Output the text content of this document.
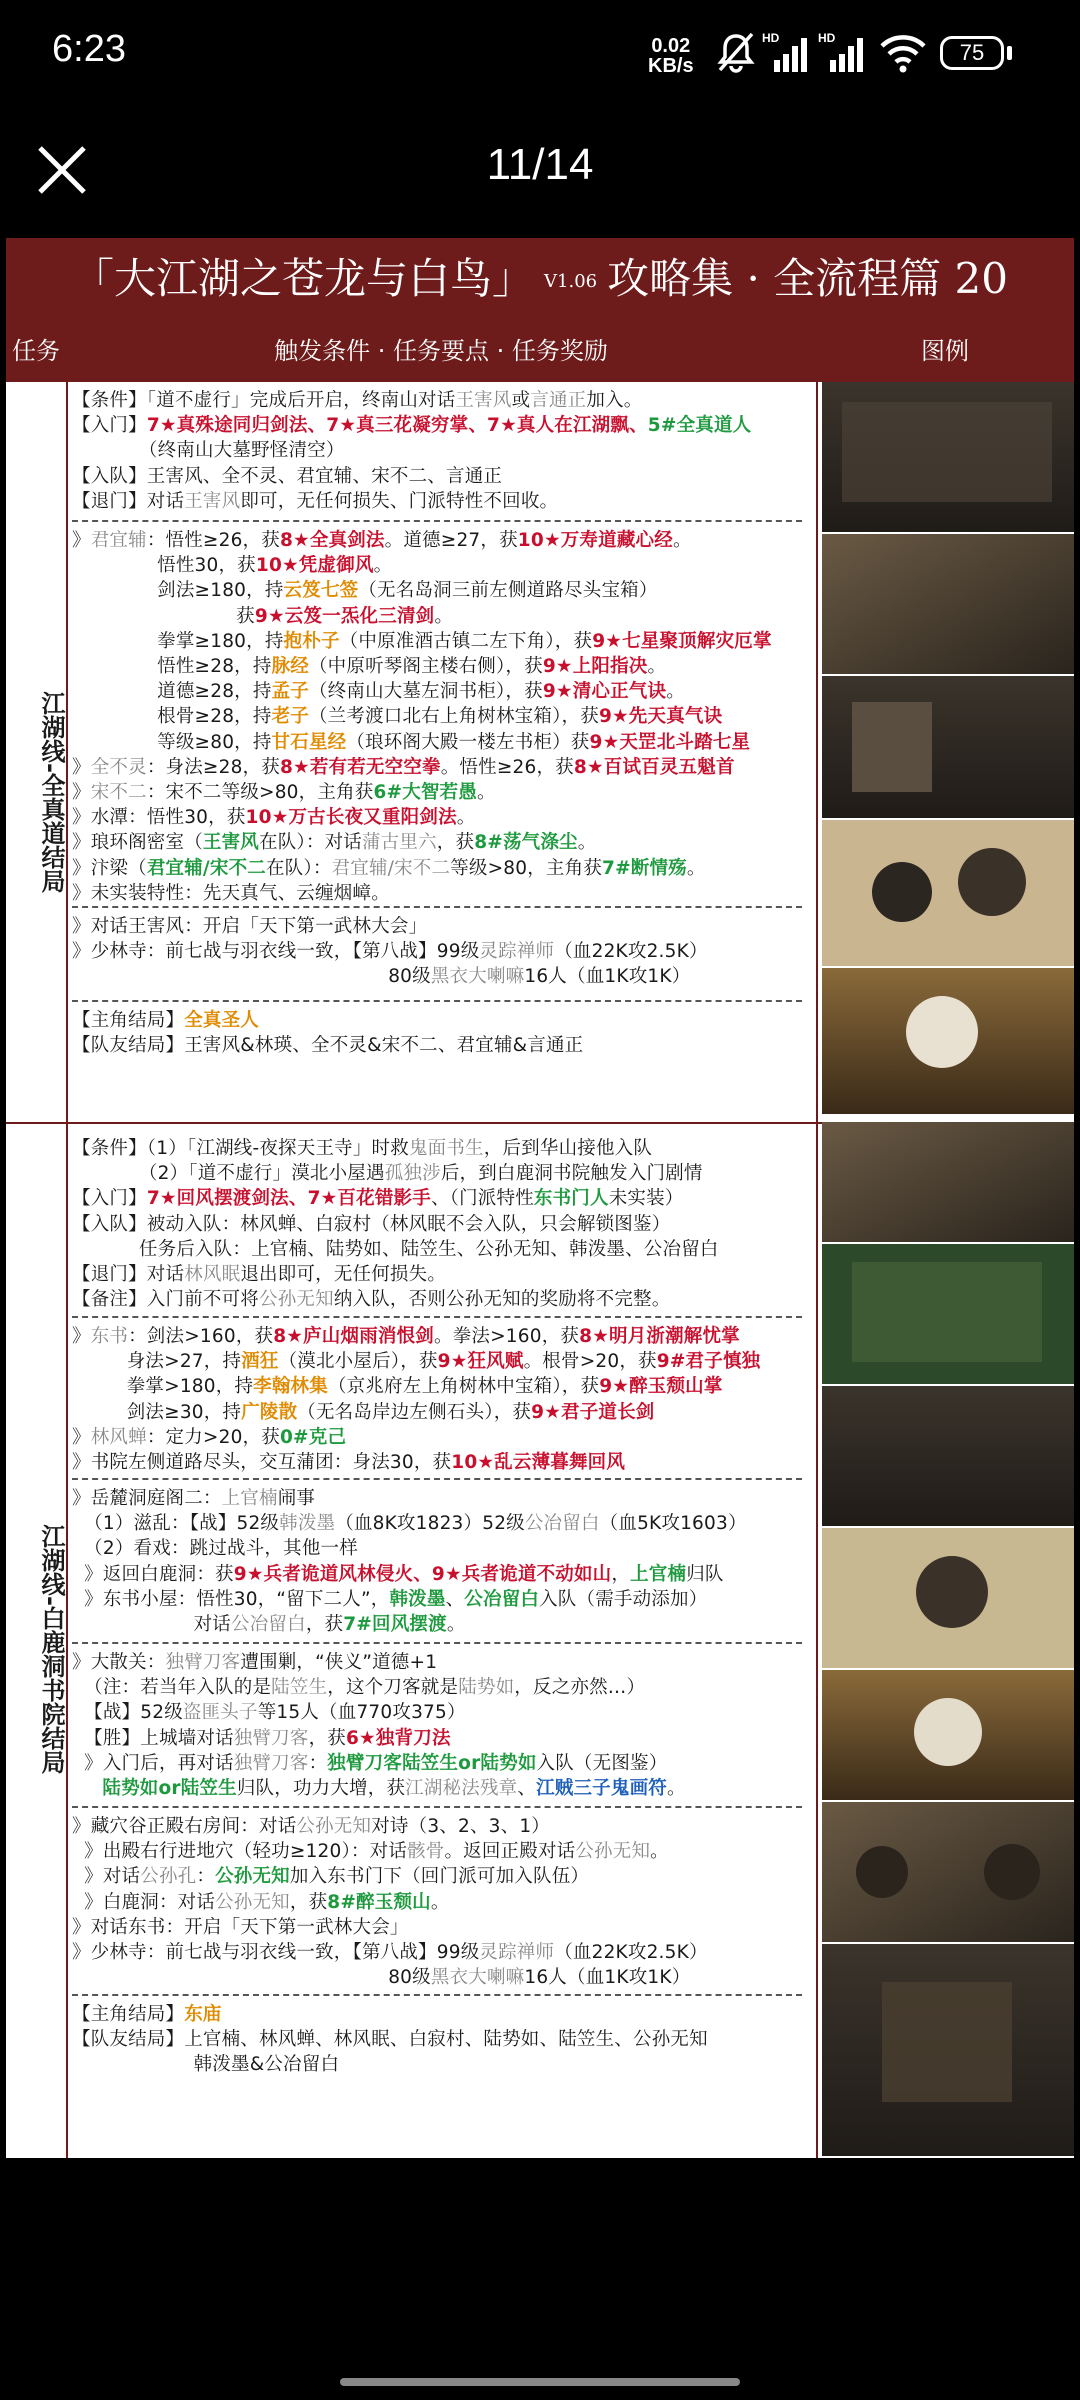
6:23	0.02
KB/s
HD	HD
75
11/14
「大江湖之苍龙与白鸟」 V1.06 攻略集 · 全流程篇 20
任务	触发条件 · 任务要点 · 任务奖励	图例
江湖线-全真道结局
江湖线-白鹿洞书院结局
【条件】「道不虚行」完成后开启，终南山对话王害风或言通正加入。
【入门】7★真殊途同归剑法、7★真三花凝穷掌、7★真人在江湖飘、5#全真道人
（终南山大墓野怪清空）
【入队】王害风、全不灵、君宜辅、宋不二、言通正
【退门】对话王害风即可，无任何损失、门派特性不回收。
》君宜辅：悟性≥26，获8★全真剑法。道德≥27，获10★万寿道藏心经。
悟性30，获10★凭虚御风。
剑法≥180，持云笈七签（无名岛洞三前左侧道路尽头宝箱）
获9★云笈一炁化三清剑。
拳掌≥180，持抱朴子（中原准酒古镇二左下角），获9★七星聚顶解灾厄掌
悟性≥28，持脉经（中原听琴阁主楼右侧），获9★上阳指决。
道德≥28，持孟子（终南山大墓左洞书柜），获9★清心正气诀。
根骨≥28，持老子（兰考渡口北右上角树林宝箱），获9★先天真气诀
等级≥80，持甘石星经（琅环阁大殿一楼左书柜）获9★天罡北斗踏七星
》全不灵：身法≥28，获8★若有若无空空拳。悟性≥26，获8★百试百灵五魁首
》宋不二：宋不二等级>80，主角获6#大智若愚。
》水潭：悟性30，获10★万古长夜又重阳剑法。
》琅环阁密室（王害风在队）：对话蒲古里六，获8#荡气涤尘。
》汴梁（君宜辅/宋不二在队）：君宜辅/宋不二等级>80，主角获7#断情殇。
》未实装特性：先天真气、云缠烟嶂。
》对话王害风：开启「天下第一武林大会」
》少林寺：前七战与羽衣线一致，【第八战】99级灵踪禅师（血22K攻2.5K）
80级黑衣大喇嘛16人（血1K攻1K）
【主角结局】全真圣人
【队友结局】王害风&林瑛、全不灵&宋不二、君宜辅&言通正
【条件】（1）「江湖线-夜探天王寺」时救鬼面书生，后到华山接他入队
（2）「道不虚行」漠北小屋遇孤独涉后，到白鹿洞书院触发入门剧情
【入门】7★回风摆渡剑法、7★百花错影手、（门派特性东书门人未实装）
【入队】被动入队：林风蝉、白寂村（林风眠不会入队，只会解锁图鉴）
任务后入队：上官楠、陆势如、陆笠生、公孙无知、韩泼墨、公冶留白
【退门】对话林风眠退出即可，无任何损失。
【备注】入门前不可将公孙无知纳入队，否则公孙无知的奖励将不完整。
》东书：剑法>160，获8★庐山烟雨消恨剑。拳法>160，获8★明月浙潮解忧掌
身法>27，持酒狂（漠北小屋后），获9★狂风赋。根骨>20，获9#君子慎独
拳掌>180，持李翰林集（京兆府左上角树林中宝箱），获9★醉玉颓山掌
剑法≥30，持广陵散（无名岛岸边左侧石头），获9★君子道长剑
》林风蝉：定力>20，获0#克己
》书院左侧道路尽头，交互蒲团：身法30，获10★乱云薄暮舞回风
》岳麓洞庭阁二：上官楠闹事
（1）滋乱：【战】52级韩泼墨（血8K攻1823）52级公冶留白（血5K攻1603）
（2）看戏：跳过战斗，其他一样
》返回白鹿洞：获9★兵者诡道风林侵火、9★兵者诡道不动如山，上官楠归队
》东书小屋：悟性30，“留下二人”，韩泼墨、公冶留白入队（需手动添加）
对话公冶留白，获7#回风摆渡。
》大散关：独臂刀客遭围剿，“侠义”道德+1
（注：若当年入队的是陆笠生，这个刀客就是陆势如，反之亦然…）
【战】52级盗匪头子等15人（血770攻375）
【胜】上城墙对话独臂刀客，获6★独背刀法
》入门后，再对话独臂刀客：独臂刀客陆笠生or陆势如入队（无图鉴）
陆势如or陆笠生归队，功力大增，获江湖秘法残章、江贼三子鬼画符。
》藏穴谷正殿右房间：对话公孙无知对诗（3、2、3、1）
》出殿右行进地穴（轻功≥120）：对话骸骨。返回正殿对话公孙无知。
》对话公孙孔：公孙无知加入东书门下（回门派可加入队伍）
》白鹿洞：对话公孙无知，获8#醉玉颓山。
》对话东书：开启「天下第一武林大会」
》少林寺：前七战与羽衣线一致，【第八战】99级灵踪禅师（血22K攻2.5K）
80级黑衣大喇嘛16人（血1K攻1K）
【主角结局】东庙
【队友结局】上官楠、林风蝉、林风眠、白寂村、陆势如、陆笠生、公孙无知
韩泼墨&公冶留白
